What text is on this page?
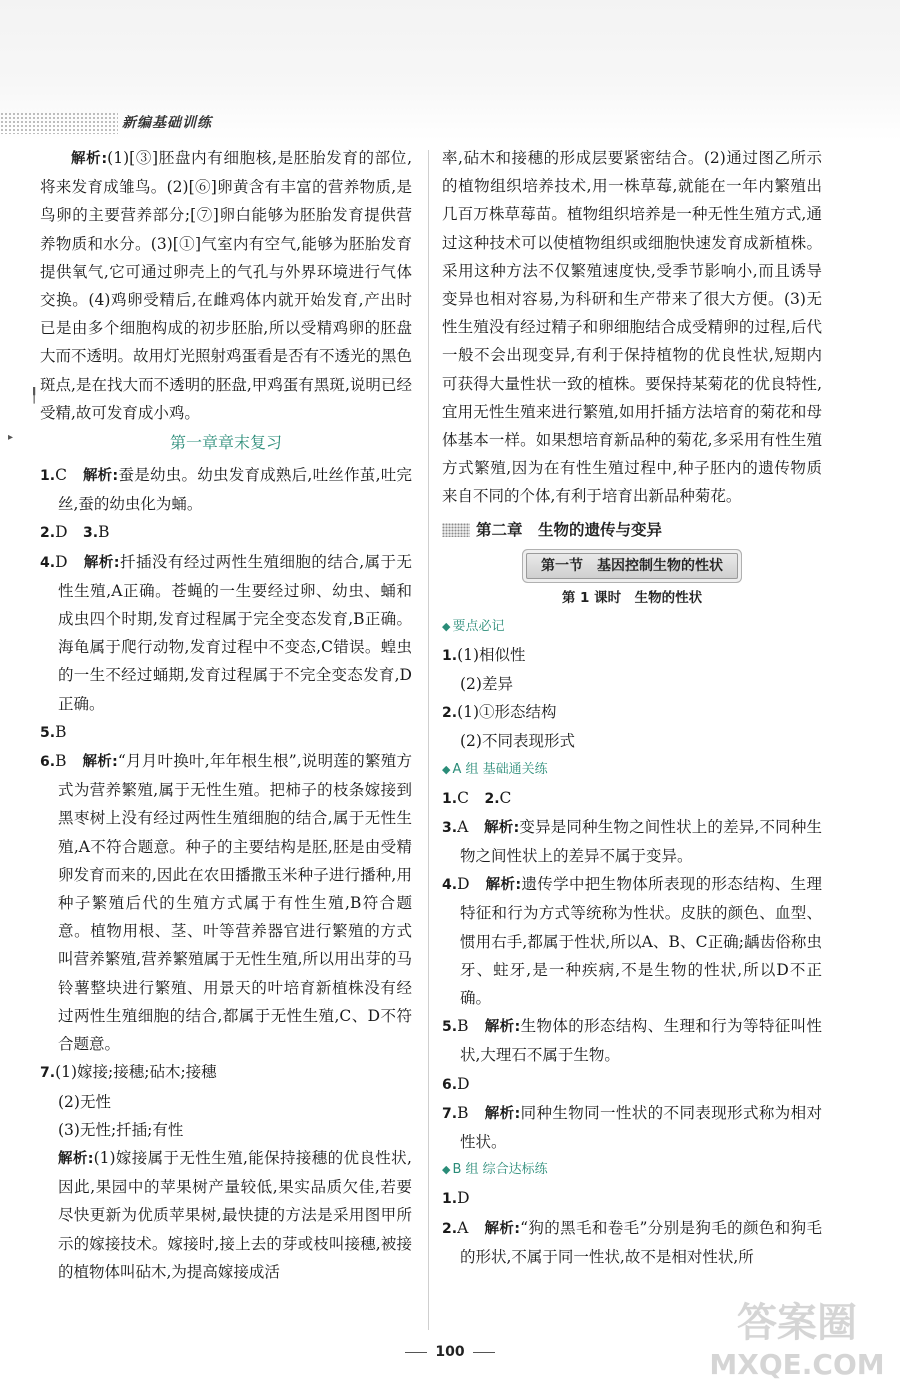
新编基础训练
╿
▸

解析:(1)[③]胚盘内有细胞核,是胚胎发育的部位,将来发育成雏鸟。(2)[⑥]卵黄含有丰富的营养物质,是鸟卵的主要营养部分;[⑦]卵白能够为胚胎发育提供营养物质和水分。(3)[①]气室内有空气,能够为胚胎发育提供氧气,它可通过卵壳上的气孔与外界环境进行气体交换。(4)鸡卵受精后,在雌鸡体内就开始发育,产出时已是由多个细胞构成的初步胚胎,所以受精鸡卵的胚盘大而不透明。故用灯光照射鸡蛋看是否有不透光的黑色斑点,是在找大而不透明的胚盘,甲鸡蛋有黑斑,说明已经受精,故可发育成小鸡。

第一章章末复习

1.C　 解析:蚕是幼虫。幼虫发育成熟后,吐丝作茧,吐完丝,蚕的幼虫化为蛹。

2.D　 3.B

4.D　 解析:扦插没有经过两性生殖细胞的结合,属于无性生殖,A正确。苍蝇的一生要经过卵、幼虫、蛹和成虫四个时期,发育过程属于完全变态发育,B正确。海龟属于爬行动物,发育过程中不变态,C错误。蝗虫的一生不经过蛹期,发育过程属于不完全变态发育,D正确。

5.B

6.B　 解析:“月月叶换叶,年年根生根”,说明莲的繁殖方式为营养繁殖,属于无性生殖。把柿子的枝条嫁接到黑枣树上没有经过两性生殖细胞的结合,属于无性生殖,A不符合题意。种子的主要结构是胚,胚是由受精卵发育而来的,因此在农田播撒玉米种子进行播种,用种子繁殖后代的生殖方式属于有性生殖,B符合题意。植物用根、茎、叶等营养器官进行繁殖的方式叫营养繁殖,营养繁殖属于无性生殖,所以用出芽的马铃薯整块进行繁殖、用景天的叶培育新植株没有经过两性生殖细胞的结合,都属于无性生殖,C、D不符合题意。

7.(1)嫁接;接穗;砧木;接穗

(2)无性

(3)无性;扦插;有性

解析:(1)嫁接属于无性生殖,能保持接穗的优良性状,因此,果园中的苹果树产量较低,果实品质欠佳,若要尽快更新为优质苹果树,最快捷的方法是采用图甲所示的嫁接技术。嫁接时,接上去的芽或枝叫接穗,被接的植物体叫砧木,为提高嫁接成活

率,砧木和接穗的形成层要紧密结合。(2)通过图乙所示的植物组织培养技术,用一株草莓,就能在一年内繁殖出几百万株草莓苗。植物组织培养是一种无性生殖方式,通过这种技术可以使植物组织或细胞快速发育成新植株。采用这种方法不仅繁殖速度快,受季节影响小,而且诱导变异也相对容易,为科研和生产带来了很大方便。(3)无性生殖没有经过精子和卵细胞结合成受精卵的过程,后代一般不会出现变异,有利于保持植物的优良性状,短期内可获得大量性状一致的植株。要保持某菊花的优良特性,宜用无性生殖来进行繁殖,如用扦插方法培育的菊花和母体基本一样。如果想培育新品种的菊花,多采用有性生殖方式繁殖,因为在有性生殖过程中,种子胚内的遗传物质来自不同的个体,有利于培育出新品种菊花。

第二章　生物的遗传与变异
第一节　基因控制生物的性状
第 1 课时　生物的性状
◆ 要点必记

1.(1)相似性

(2)差异

2.(1)①形态结构

(2)不同表现形式

◆ A 组 基础通关练

1.C　 2.C

3.A　 解析:变异是同种生物之间性状上的差异,不同种生物之间性状上的差异不属于变异。

4.D　 解析:遗传学中把生物体所表现的形态结构、生理特征和行为方式等统称为性状。皮肤的颜色、血型、惯用右手,都属于性状,所以A、B、C正确;龋齿俗称虫牙、蛀牙,是一种疾病,不是生物的性状,所以D不正确。

5.B　 解析:生物体的形态结构、生理和行为等特征叫性状,大理石不属于生物。

6.D

7.B　 解析:同种生物同一性状的不同表现形式称为相对性状。

◆ B 组 综合达标练

1.D

2.A　 解析:“狗的黑毛和卷毛”分别是狗毛的颜色和狗毛的形状,不属于同一性状,故不是相对性状,所

100
答案圈
MXQE.COM
